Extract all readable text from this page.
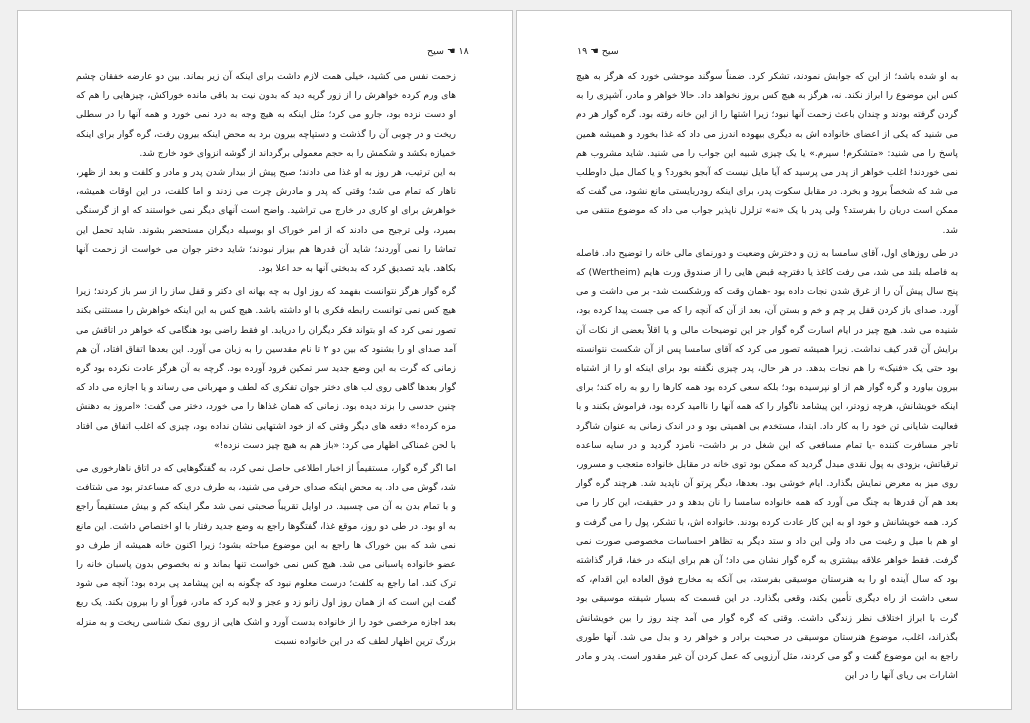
۱۸ ☚ سیح

زحمت نفس می کشید، خیلی همت لازم داشت برای اینکه آن زیر بماند. بین دو عارضه خفقان چشم های ورم کرده خواهرش را از زور گریه دید که بدون نیت بد باقی مانده خوراکش، چیزهایی را هم که او دست نزده بود، جارو می کرد؛ مثل اینکه به هیچ وجه به درد نمی خورد و همه آنها را در سطلی ریخت و در چوبی آن را گذشت و دستپاچه بیرون برد به محض اینکه بیرون رفت، گره گوار برای اینکه خمیازه بکشد و شکمش را به حجم معمولی برگرداند از گوشه انزوای خود خارج شد.

به این ترتیب، هر روز به او غذا می دادند؛ صبح پیش از بیدار شدن پدر و مادر و کلفت و بعد از ظهر، ناهار که تمام می شد؛ وقتی که پدر و مادرش چرت می زدند و اما کلفت، در این اوقات همیشه، خواهرش برای او کاری در خارج می تراشید. واضح است آنهای دیگر نمی خواستند که او از گرسنگی بمیرد، ولی ترجیح می دادند که از امر خوراک او بوسیله دیگران مستحضر بشوند. شاید تحمل این تماشا را نمی آوردند؛ شاید آن قدرها هم بیزار نبودند؛ شاید دختر جوان می خواست از زحمت آنها بکاهد. باید تصدیق کرد که بدبختی آنها به حد اعلا بود.

گره گوار هرگز نتوانست بفهمد که روز اول به چه بهانه ای دکتر و قفل ساز را از سر باز کردند؛ زیرا هیچ کس نمی توانست رابطه فکری با او داشته باشد. هیچ کس به این اینکه خواهرش را مستثنی بکند تصور نمی کرد که او بتواند فکر دیگران را دریابد. او فقط راضی بود هنگامی که خواهر در اتاقش می آمد صدای او را بشنود که بین دو ۲ تا نام مقدسین را به زبان می آورد. این بعدها اتفاق افتاد، آن هم زمانی که گرت به این وضع جدید سر تمکین فرود آورده بود. گرچه به آن هرگز عادت نکرده بود گره گوار بعدها گاهی روی لب های دختر جوان تفکری که لطف و مهربانی می رساند و یا اجازه می داد که چنین حدسی را بزند دیده بود. زمانی که همان غذاها را می خورد، دختر می گفت: «امروز به دهنش مزه کرده!» دفعه های دیگر وقتی که از خود اشتهایی نشان نداده بود، چیزی که اغلب اتفاق می افتاد با لحن غمناکی اظهار می کرد: «باز هم به هیچ چیز دست نزده!»

اما اگر گره گوار، مستقیماً از اخبار اطلاعی حاصل نمی کرد، به گفتگوهایی که در اتاق ناهارخوری می شد، گوش می داد. به محض اینکه صدای حرفی می شنید، به طرف دری که مساعدتر بود می شتافت و با تمام بدن به آن می چسبید. در اوایل تقریباً صحبتی نمی شد مگر اینکه کم و بیش مستقیماً راجع به او بود. در طی دو روز، موقع غذا، گفتگوها راجع به وضع جدید رفتار با او اختصاص داشت. این مانع نمی شد که بین خوراک ها راجع به این موضوع مباحثه بشود؛ زیرا اکنون خانه همیشه از طرف دو عضو خانواده پاسبانی می شد. هیچ کس نمی خواست تنها بماند و نه بخصوص بدون پاسبان خانه را ترک کند. اما راجع به کلفت؛ درست معلوم نبود که چگونه به این پیشامد پی برده بود: آنچه می شود گفت این است که از همان روز اول زانو زد و عجز و لابه کرد که مادر، فوراً او را بیرون بکند. یک ربع بعد اجازه مرخصی خود را از خانواده بدست آورد و اشک هایی از روی نمک شناسی ریخت و به منزله بزرگ ترین اظهار لطف که در این خانواده نسبت

سیح ☚ ۱۹

به او شده باشد؛ از این که جوابش نمودند، تشکر کرد. ضمناً سوگند موحشی خورد که هرگز به هیچ کس این موضوع را ابراز نکند. نه، هرگز به هیچ کس بروز نخواهد داد. حالا خواهر و مادر، آشپزی را به گردن گرفته بودند و چندان باعث زحمت آنها نبود؛ زیرا اشتها را از این خانه رفته بود. گره گوار هر دم می شنید که یکی از اعضای خانواده اش به دیگری بیهوده اندرز می داد که غذا بخورد و همیشه همین پاسخ را می شنید: «متشکرم! سیرم.» یا یک چیزی شبیه این جواب را می شنید. شاید مشروب هم نمی خوردند! اغلب خواهر از پدر می پرسید که آیا مایل نیست که آبجو بخورد؟ و یا کمال میل داوطلب می شد که شخصاً برود و بخرد. در مقابل سکوت پدر، برای اینکه رودربایستی مانع نشود، می گفت که ممکن است دربان را بفرستد؟ ولی پدر با یک «نه» تزلزل ناپذیر جواب می داد که موضوع منتفی می شد.

در طی روزهای اول، آقای سامسا به زن و دخترش وضعیت و دورنمای مالی خانه را توضیح داد. فاصله به فاصله بلند می شد، می رفت کاغذ یا دفترچه قبض هایی را از صندوق ورت هایم (Wertheim) که پنج سال پیش آن را از غرق شدن نجات داده بود -همان وقت که ورشکست شد- بر می داشت و می آورد. صدای باز کردن قفل پر چم و خم و بستن آن، بعد از آن که آنچه را که می جست پیدا کرده بود، شنیده می شد. هیچ چیز در ایام اسارت گره گوار جز این توضیحات مالی و یا اقلاً بعضی از نکات آن برایش آن قدر کیف نداشت. زیرا همیشه تصور می کرد که آقای سامسا پس از آن شکست نتوانسته بود حتی یک «فنیک» را هم نجات بدهد. در هر حال، پدر چیزی نگفته بود برای اینکه او را از اشتباه بیرون بیاورد و گره گوار هم از او نپرسیده بود؛ بلکه سعی کرده بود همه کارها را رو به راه کند؛ برای اینکه خویشانش، هرچه زودتر، این پیشامد ناگوار را که همه آنها را ناامید کرده بود، فراموش بکنند و با فعالیت شایانی تن خود را به کار داد. ابتدا، مستخدم بی اهمیتی بود و در اندک زمانی به عنوان شاگرد تاجر مسافرت کننده -یا تمام مسافعی که این شغل در بر داشت- نامزد گردید و در سایه ساعده ترقیاتش، بزودی به پول نقدی مبدل گردید که ممکن بود توی خانه در مقابل خانواده متعجب و مسرور، روی میز به معرض نمایش بگذارد. ایام خوشی بود. بعدها، دیگر پرتو آن ناپدید شد. هرچند گره گوار بعد هم آن قدرها به چنگ می آورد که همه خانواده سامسا را نان بدهد و در حقیقت، این کار را می کرد. همه خویشانش و خود او به این کار عادت کرده بودند. خانواده اش، با تشکر، پول را می گرفت و او هم با میل و رغبت می داد ولی این داد و ستد دیگر به تظاهر احساسات مخصوصی صورت نمی گرفت. فقط خواهر علاقه بیشتری به گره گوار نشان می داد؛ آن هم برای اینکه در خفا، قرار گذاشته بود که سال آینده او را به هنرستان موسیقی بفرستد، بی آنکه به مخارج فوق العاده این اقدام، که سعی داشت از راه دیگری تأمین بکند، وقعی بگذارد. در این قسمت که بسیار شیفته موسیقی بود گرت با ابراز اختلاف نظر زندگی داشت. وقتی که گره گوار می آمد چند روز را بین خویشانش بگذراند، اغلب، موضوع هنرستان موسیقی در صحبت برادر و خواهر رد و بدل می شد. آنها طوری راجع به این موضوع گفت و گو می کردند، مثل آرزویی که عمل کردن آن غیر مقدور است. پدر و مادر اشارات بی ریای آنها را در این
